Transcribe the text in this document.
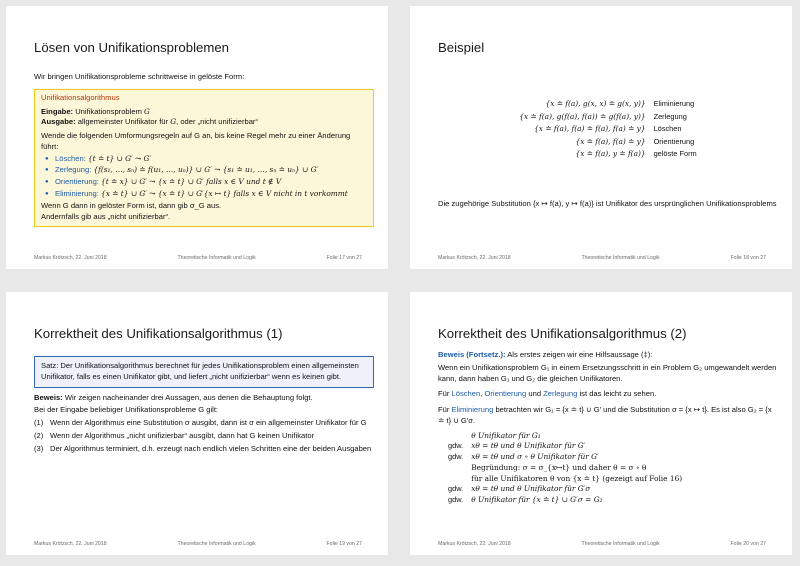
Lösen von Unifikationsproblemen
Wir bringen Unifikationsprobleme schrittweise in gelöste Form:
Unifikationsalgorithmus
Eingabe: Unifikationsproblem G
Ausgabe: allgemeinster Unifikator für G, oder „nicht unifizierbar“
Wende die folgenden Umformungsregeln auf G an, bis keine Regel mehr zu einer Änderung führt:
● Löschen: {t ≐ t} ∪ G′ ⤳ G′
● Zerlegung: {f(s₁, …, sₙ) ≐ f(u₁, …, uₙ)} ∪ G′ ⤳ {s₁ ≐ u₁, …, sₙ ≐ uₙ} ∪ G′
● Orientierung: {t ≐ x} ∪ G′ ⤳ {x ≐ t} ∪ G′ falls x ∈ V und t ∉ V
● Eliminierung: {x ≐ t} ∪ G′ ⤳ {x ≐ t} ∪ G′{x ↦ t} falls x ∈ V nicht in t vorkommt
Wenn G dann in gelöster Form ist, dann gib σ_G aus.
Andernfalls gib aus „nicht unifizierbar“.
Markus Krötzsch, 22. Juni 2018	Theoretische Informatik und Logik	Folie 17 von 27
Beispiel
{x ≐ f(a), g(x, x) ≐ g(x, y)}	Eliminierung
{x ≐ f(a), g(f(a), f(a)) ≐ g(f(a), y)}	Zerlegung
{x ≐ f(a), f(a) ≐ f(a), f(a) ≐ y}	Löschen
{x ≐ f(a), f(a) ≐ y}	Orientierung
{x ≐ f(a), y ≐ f(a)}	gelöste Form
Die zugehörige Substitution {x ↦ f(a), y ↦ f(a)} ist Unifikator des ursprünglichen Unifikationsproblems
Markus Krötzsch, 22. Juni 2018	Theoretische Informatik und Logik	Folie 18 von 27
Korrektheit des Unifikationsalgorithmus (1)
Satz: Der Unifikationsalgorithmus berechnet für jedes Unifikationsproblem einen allgemeinsten Unifikator, falls es einen Unifikator gibt, und liefert „nicht unifizierbar“ wenn es keinen gibt.
Beweis: Wir zeigen nacheinander drei Aussagen, aus denen die Behauptung folgt.
Bei der Eingabe beliebiger Unifikationsprobleme G gilt:
(1) Wenn der Algorithmus eine Substitution σ ausgibt, dann ist σ ein allgemeinster Unifikator für G
(2) Wenn der Algorithmus „nicht unifizierbar“ ausgibt, dann hat G keinen Unifikator
(3) Der Algorithmus terminiert, d.h. erzeugt nach endlich vielen Schritten eine der beiden Ausgaben
Markus Krötzsch, 22. Juni 2018	Theoretische Informatik und Logik	Folie 19 von 27
Korrektheit des Unifikationsalgorithmus (2)
Beweis (Fortsetz.): Als erstes zeigen wir eine Hilfsaussage (‡):
Wenn ein Unifikationsproblem G₁ in einem Ersetzungsschritt in ein Problem G₂ umgewandelt werden kann, dann haben G₁ und G₂ die gleichen Unifikatoren.
Für Löschen, Orientierung und Zerlegung ist das leicht zu sehen.
Für Eliminierung betrachten wir G₁ = {x ≐ t} ∪ G′ und die Substitution σ = {x ↦ t}. Es ist also G₂ = {x ≐ t} ∪ G′σ.
	θ Unifikator für G₁
gdw.	xθ = tθ und θ Unifikator für G′
gdw.	xθ = tθ und σ ∘ θ Unifikator für G′
	Begründung: σ = σ_{x↦t} und daher θ = σ ∘ θ
	für alle Unifikatoren θ von {x ≐ t} (gezeigt auf Folie 16)
gdw.	xθ = tθ und θ Unifikator für G′σ
gdw.	θ Unifikator für {x ≐ t} ∪ G′σ = G₂
Markus Krötzsch, 22. Juni 2018	Theoretische Informatik und Logik	Folie 20 von 27
